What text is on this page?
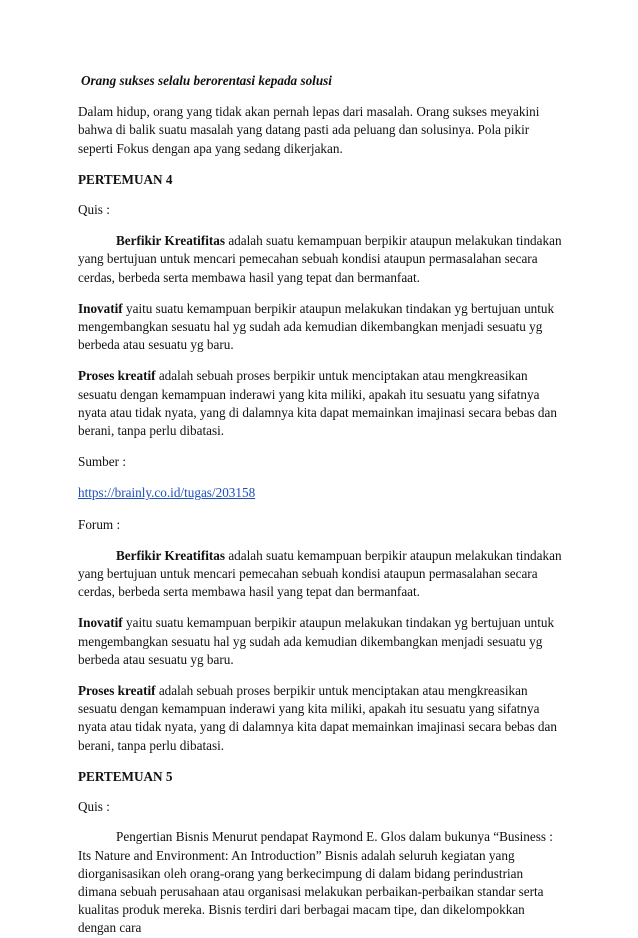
Orang sukses selalu berorentasi kepada solusi

Dalam hidup, orang yang tidak akan pernah lepas dari masalah. Orang sukses meyakini bahwa di balik suatu masalah yang datang pasti ada peluang dan solusinya. Pola pikir seperti Fokus dengan apa yang sedang dikerjakan.

PERTEMUAN 4

Quis :

Berfikir Kreatifitas adalah suatu kemampuan berpikir ataupun melakukan tindakan yang bertujuan untuk mencari pemecahan sebuah kondisi ataupun permasalahan secara cerdas, berbeda serta membawa hasil yang tepat dan bermanfaat.

Inovatif yaitu suatu kemampuan berpikir ataupun melakukan tindakan yg bertujuan untuk mengembangkan sesuatu hal yg sudah ada kemudian dikembangkan menjadi sesuatu yg berbeda atau sesuatu yg baru.

Proses kreatif adalah sebuah proses berpikir untuk menciptakan atau mengkreasikan sesuatu dengan kemampuan inderawi yang kita miliki, apakah itu sesuatu yang sifatnya nyata atau tidak nyata, yang di dalamnya kita dapat memainkan imajinasi secara bebas dan berani, tanpa perlu dibatasi.

Sumber :

https://brainly.co.id/tugas/203158

Forum :

Berfikir Kreatifitas adalah suatu kemampuan berpikir ataupun melakukan tindakan yang bertujuan untuk mencari pemecahan sebuah kondisi ataupun permasalahan secara cerdas, berbeda serta membawa hasil yang tepat dan bermanfaat.

Inovatif yaitu suatu kemampuan berpikir ataupun melakukan tindakan yg bertujuan untuk mengembangkan sesuatu hal yg sudah ada kemudian dikembangkan menjadi sesuatu yg berbeda atau sesuatu yg baru.

Proses kreatif adalah sebuah proses berpikir untuk menciptakan atau mengkreasikan sesuatu dengan kemampuan inderawi yang kita miliki, apakah itu sesuatu yang sifatnya nyata atau tidak nyata, yang di dalamnya kita dapat memainkan imajinasi secara bebas dan berani, tanpa perlu dibatasi.

PERTEMUAN 5

Quis :

Pengertian Bisnis Menurut pendapat Raymond E. Glos dalam bukunya “Business : Its Nature and Environment: An Introduction” Bisnis adalah seluruh kegiatan yang diorganisasikan oleh orang-orang yang berkecimpung di dalam bidang perindustrian dimana sebuah perusahaan atau organisasi melakukan perbaikan-perbaikan standar serta kualitas produk mereka. Bisnis terdiri dari berbagai macam tipe, dan dikelompokkan dengan cara
